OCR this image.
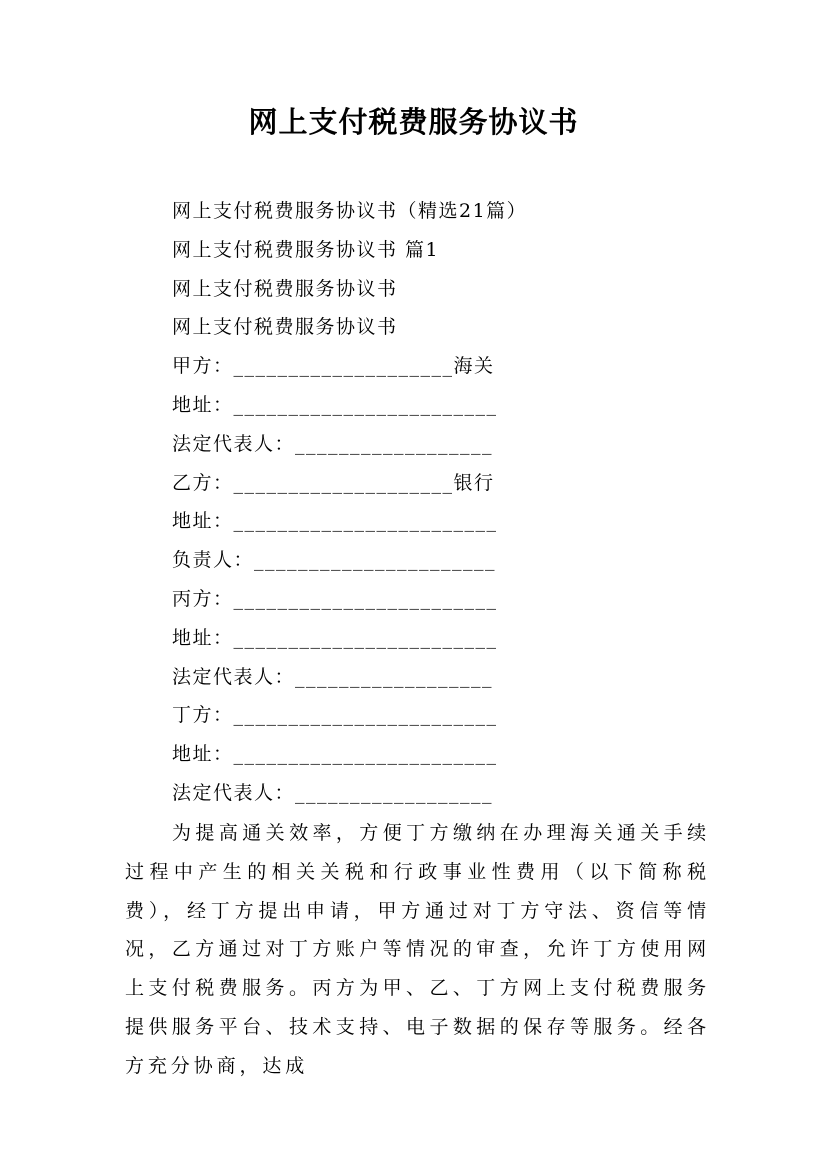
网上支付税费服务协议书
网上支付税费服务协议书（精选21篇）
网上支付税费服务协议书 篇1
网上支付税费服务协议书
网上支付税费服务协议书
甲方：____________________海关
地址：________________________
法定代表人：__________________
乙方：____________________银行
地址：________________________
负责人：______________________
丙方：________________________
地址：________________________
法定代表人：__________________
丁方：________________________
地址：________________________
法定代表人：__________________
为提高通关效率，方便丁方缴纳在办理海关通关手续过程中产生的相关关税和行政事业性费用（以下简称税费），经丁方提出申请，甲方通过对丁方守法、资信等情况，乙方通过对丁方账户等情况的审查，允许丁方使用网上支付税费服务。丙方为甲、乙、丁方网上支付税费服务提供服务平台、技术支持、电子数据的保存等服务。经各方充分协商，达成
